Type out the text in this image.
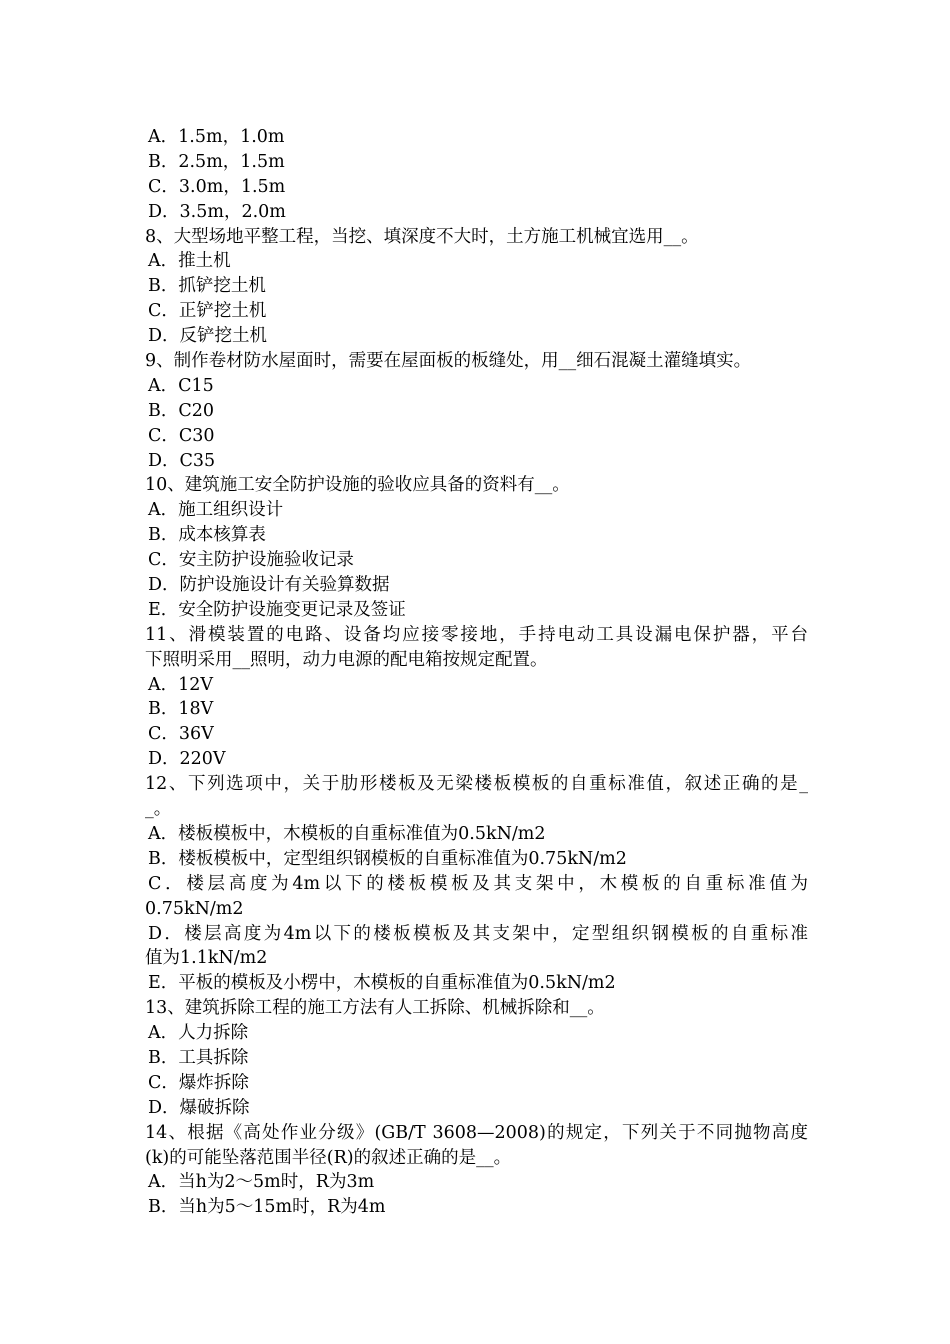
A．1.5m，1.0m
B．2.5m，1.5m
C．3.0m，1.5m
D．3.5m，2.0m
8、大型场地平整工程，当挖、填深度不大时，土方施工机械宜选用__。
A．推土机
B．抓铲挖土机
C．正铲挖土机
D．反铲挖土机
9、制作卷材防水屋面时，需要在屋面板的板缝处，用__细石混凝土灌缝填实。
A．C15
B．C20
C．C30
D．C35
10、建筑施工安全防护设施的验收应具备的资料有__。
A．施工组织设计
B．成本核算表
C．安主防护设施验收记录
D．防护设施设计有关验算数据
E．安全防护设施变更记录及签证
11、滑模装置的电路、设备均应接零接地，手持电动工具设漏电保护器，平台
下照明采用__照明，动力电源的配电箱按规定配置。
A．12V
B．18V
C．36V
D．220V
12、下列选项中，关于肋形楼板及无梁楼板模板的自重标准值，叙述正确的是_
_。
A．楼板模板中，木模板的自重标准值为0.5kN/m2
B．楼板模板中，定型组织钢模板的自重标准值为0.75kN/m2
C．楼层高度为4m以下的楼板模板及其支架中，木模板的自重标准值为
0.75kN/m2
D．楼层高度为4m以下的楼板模板及其支架中，定型组织钢模板的自重标准
值为1.1kN/m2
E．平板的模板及小楞中，木模板的自重标准值为0.5kN/m2
13、建筑拆除工程的施工方法有人工拆除、机械拆除和__。
A．人力拆除
B．工具拆除
C．爆炸拆除
D．爆破拆除
14、根据《高处作业分级》(GB/T 3608—2008)的规定，下列关于不同抛物高度
(k)的可能坠落范围半径(R)的叙述正确的是__。
A．当h为2～5m时，R为3m
B．当h为5～15m时，R为4m
